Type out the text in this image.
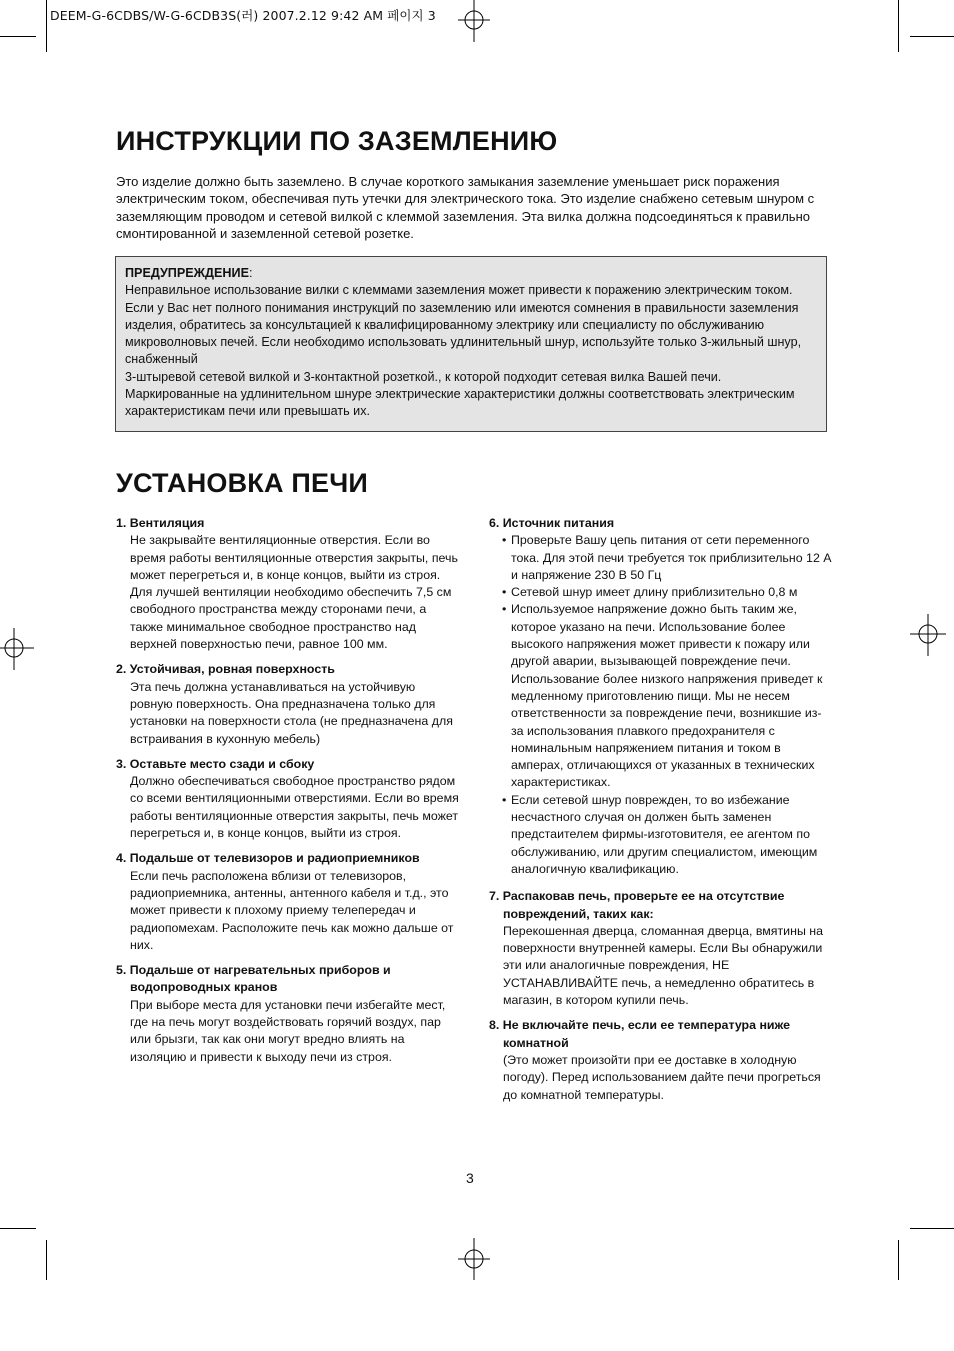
DEEM-G-6CDBS/W-G-6CDB3S(러) 2007.2.12 9:42 AM 페이지 3
ИНСТРУКЦИИ ПО ЗАЗЕМЛЕНИЮ

Это изделие должно быть заземлено. В случае короткого замыкания заземление уменьшает риск поражения электрическим током, обеспечивая путь утечки для электрического тока. Это изделие снабжено сетевым шнуром с заземляющим проводом и сетевой вилкой с клеммой заземления. Эта вилка должна подсоединяться к правильно смонтированной и заземленной сетевой розетке.

ПРЕДУПРЕЖДЕНИЕ:

Неправильное использование вилки с клеммами заземления может привести к поражению электрическим током. Если у Вас нет полного понимания инструкций по заземлению или имеются сомнения в правильности заземления изделия, обратитесь за консультацией к квалифицированному электрику или специалисту по обслуживанию микроволновых печей. Если необходимо использовать удлинительный шнур, используйте только 3-жильный шнур, снабженный

3-штыревой сетевой вилкой и 3-контактной розеткой., к которой подходит сетевая вилка Вашей печи. Маркированные на удлинительном шнуре электрические характеристики должны соответствовать электрическим характеристикам печи или превышать их.

УСТАНОВКА ПЕЧИ
1. Вентиляция
Не закрывайте вентиляционные отверстия. Если во время работы вентиляционные отверстия закрыты, печь может перегреться и, в конце концов, выйти из строя. Для лучшей вентиляции необходимо обеспечить 7,5 см свободного пространства между сторонами печи, а также минимальное свободное пространство над верхней поверхностью печи, равное 100 мм.
2. Устойчивая, ровная поверхность
Эта печь должна устанавливаться на устойчивую ровную поверхность. Она предназначена только для установки на поверхности стола (не предназначена для встраивания в кухонную мебель)
3. Оставьте место сзади и сбоку
Должно обеспечиваться свободное пространство рядом со всеми вентиляционными отверстиями. Если во время работы вентиляционные отверстия закрыты, печь может перегреться и, в конце концов, выйти из строя.
4. Подальше от телевизоров и радиоприемников
Если печь расположена вблизи от телевизоров, радиоприемника, антенны, антенного кабеля и т.д., это может привести к плохому приему телепередач и радиопомехам. Расположите печь как можно дальше от них.
5. Подальше от нагревательных приборов и водопроводных кранов
При выборе места для установки печи избегайте мест, где на печь могут воздействовать горячий воздух, пар или брызги, так как они могут вредно влиять на изоляцию и привести к выходу печи из строя.
6. Источник питания
• Проверьте Вашу цепь питания от сети переменного тока. Для этой печи требуется ток приблизительно 12 А и напряжение 230 В 50 Гц
• Сетевой шнур имеет длину приблизительно 0,8 м
• Используемое напряжение дожно быть таким же, которое указано на печи. Использование более высокого напряжения может привести к пожару или другой аварии, вызывающей повреждение печи. Использование более низкого напряжения приведет к медленному приготовлению пищи. Мы не несем ответственности за повреждение печи, возникшие из-за использования плавкого предохранителя с номинальным напряжением питания и током в амперах, отличающихся от указанных в технических характеристиках.
• Если сетевой шнур поврежден, то во избежание несчастного случая он должен быть заменен предстаителем фирмы-изготовителя, ее агентом по обслуживанию, или другим специалистом, имеющим аналогичную квалификацию.
7. Распаковав печь, проверьте ее на отсутствие повреждений, таких как:
Перекошенная дверца, сломанная дверца, вмятины на поверхности внутренней камеры. Если Вы обнаружили эти или аналогичные повреждения, НЕ УСТАНАВЛИВАЙТЕ печь, а немедленно обратитесь в магазин, в котором купили печь.
8. Не включайте печь, если ее температура ниже комнатной
(Это может произойти при ее доставке в холодную погоду). Перед использованием дайте печи прогреться до комнатной температуры.
3
